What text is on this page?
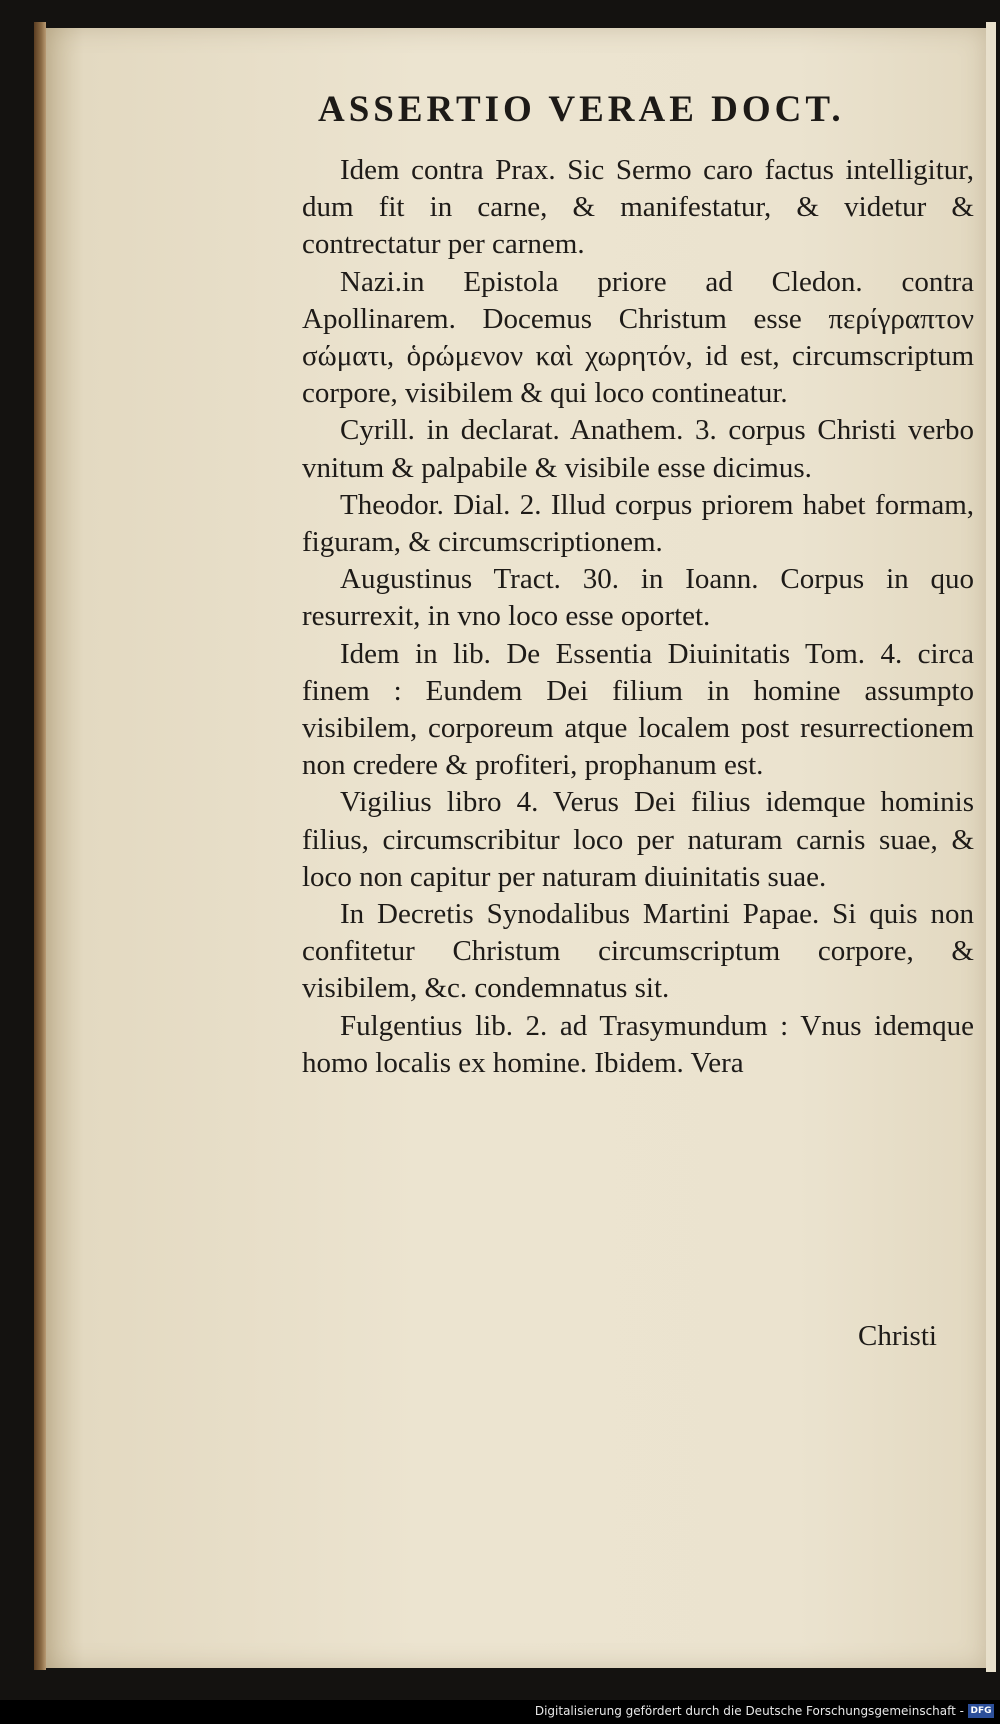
ASSERTIO VERAE DOCT.

Idem contra Prax. Sic Sermo caro factus intelligitur, dum fit in carne, & manifestatur, & videtur & contrectatur per carnem.

Nazi.in Epistola priore ad Cledon. contra Apollinarem. Docemus Christum esse περίγραπτον σώματι, ὁρώμενον καὶ χωρητόν, id est, circumscriptum corpore, visibilem & qui loco contineatur.

Cyrill. in declarat. Anathem. 3. corpus Christi verbo vnitum & palpabile & visibile esse dicimus.

Theodor. Dial. 2. Illud corpus priorem habet formam, figuram, & circumscriptionem.

Augustinus Tract. 30. in Ioann. Corpus in quo resurrexit, in vno loco esse oportet.

Idem in lib. De Essentia Diuinitatis Tom. 4. circa finem : Eundem Dei filium in homine assumpto visibilem, corporeum atque localem post resurrectionem non credere & profiteri, prophanum est.

Vigilius libro 4. Verus Dei filius idemque hominis filius, circumscribitur loco per naturam carnis suae, & loco non capitur per naturam diuinitatis suae.

In Decretis Synodalibus Martini Papae. Si quis non confitetur Christum circumscriptum corpore, & visibilem, &c. condemnatus sit.

Fulgentius lib. 2. ad Trasymundum : Vnus idemque homo localis ex homine. Ibidem. Vera

Christi
Digitalisierung gefördert durch die Deutsche Forschungsgemeinschaft - DFG
